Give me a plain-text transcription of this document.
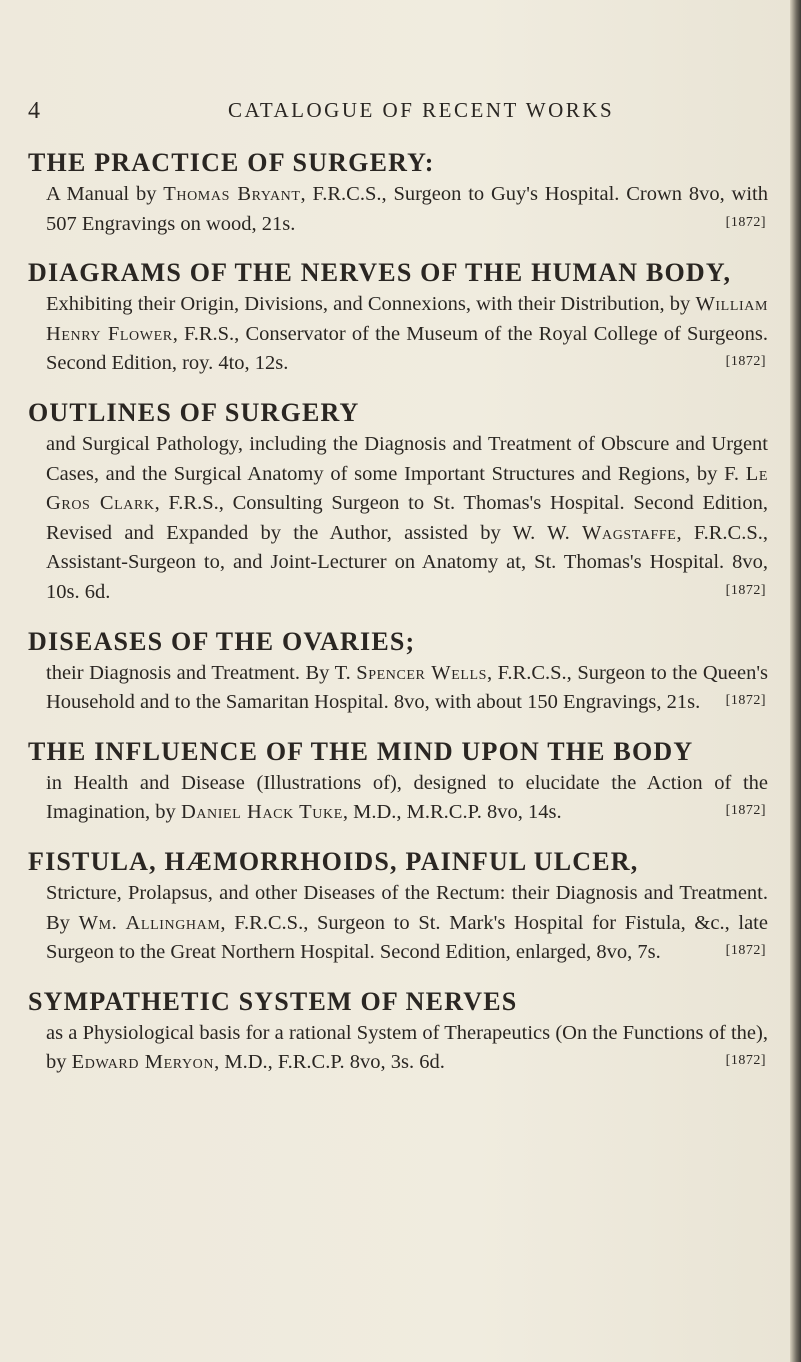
4	CATALOGUE OF RECENT WORKS
THE PRACTICE OF SURGERY:

A Manual by Thomas Bryant, F.R.C.S., Surgeon to Guy's Hospital. Crown 8vo, with 507 Engravings on wood, 21s.	[1872]
DIAGRAMS OF THE NERVES OF THE HUMAN BODY,

Exhibiting their Origin, Divisions, and Connexions, with their Distribution, by William Henry Flower, F.R.S., Conservator of the Museum of the Royal College of Surgeons. Second Edition, roy. 4to, 12s.	[1872]
OUTLINES OF SURGERY

and Surgical Pathology, including the Diagnosis and Treatment of Obscure and Urgent Cases, and the Surgical Anatomy of some Important Structures and Regions, by F. Le Gros Clark, F.R.S., Consulting Surgeon to St. Thomas's Hospital. Second Edition, Revised and Expanded by the Author, assisted by W. W. Wagstaffe, F.R.C.S., Assistant-Surgeon to, and Joint-Lecturer on Anatomy at, St. Thomas's Hospital. 8vo, 10s. 6d.	[1872]
DISEASES OF THE OVARIES;

their Diagnosis and Treatment. By T. Spencer Wells, F.R.C.S., Surgeon to the Queen's Household and to the Samaritan Hospital. 8vo, with about 150 Engravings, 21s.	[1872]
THE INFLUENCE OF THE MIND UPON THE BODY

in Health and Disease (Illustrations of), designed to elucidate the Action of the Imagination, by Daniel Hack Tuke, M.D., M.R.C.P. 8vo, 14s.	[1872]
FISTULA, HÆMORRHOIDS, PAINFUL ULCER,

Stricture, Prolapsus, and other Diseases of the Rectum: their Diagnosis and Treatment. By Wm. Allingham, F.R.C.S., Surgeon to St. Mark's Hospital for Fistula, &c., late Surgeon to the Great Northern Hospital. Second Edition, enlarged, 8vo, 7s.	[1872]
SYMPATHETIC SYSTEM OF NERVES

as a Physiological basis for a rational System of Therapeutics (On the Functions of the), by Edward Meryon, M.D., F.R.C.P. 8vo, 3s. 6d.	[1872]
